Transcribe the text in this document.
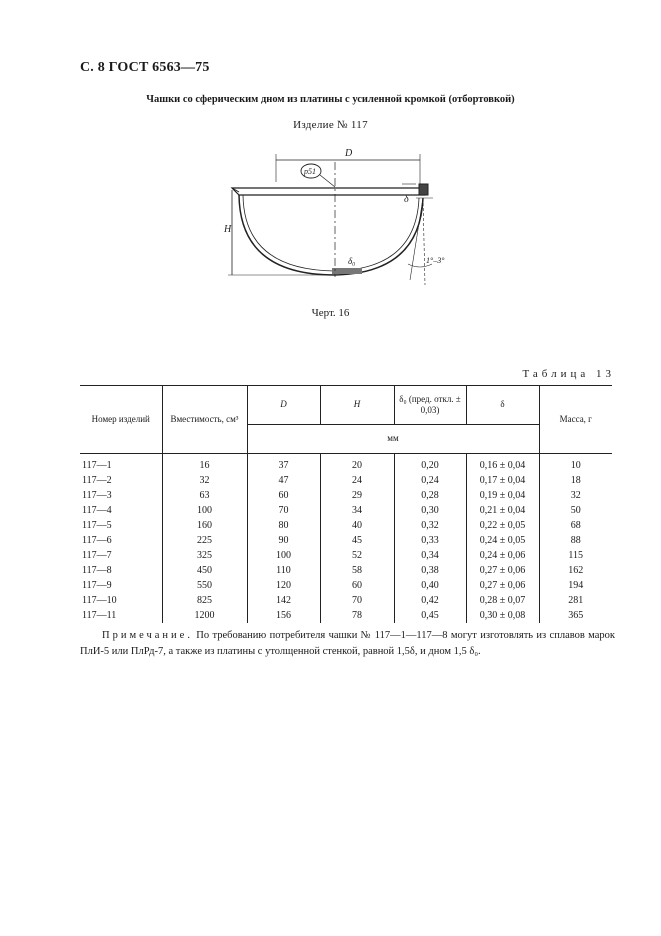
С. 8 ГОСТ 6563—75
Чашки со сферическим дном из платины с усиленной кромкой (отбортовкой)
Изделие № 117
D
р51
H
δ
δ₀	1°–3°
Черт. 16
Таблица 13
Номер изделий	Вместимость, см³	D	H	δ₀ (пред. откл. ± 0,03)	δ	Масса, г
		мм				
117—1	16	37	20	0,20	0,16 ± 0,04	10
117—2	32	47	24	0,24	0,17 ± 0,04	18
117—3	63	60	29	0,28	0,19 ± 0,04	32
117—4	100	70	34	0,30	0,21 ± 0,04	50
117—5	160	80	40	0,32	0,22 ± 0,05	68
117—6	225	90	45	0,33	0,24 ± 0,05	88
117—7	325	100	52	0,34	0,24 ± 0,06	115
117—8	450	110	58	0,38	0,27 ± 0,06	162
117—9	550	120	60	0,40	0,27 ± 0,06	194
117—10	825	142	70	0,42	0,28 ± 0,07	281
117—11	1200	156	78	0,45	0,30 ± 0,08	365
Примечание. По требованию потребителя чашки № 117—1—117—8 могут изготовлять из сплавов марок ПлИ-5 или ПлРд-7, а также из платины с утолщенной стенкой, равной 1,5δ, и дном 1,5 δ₀.
